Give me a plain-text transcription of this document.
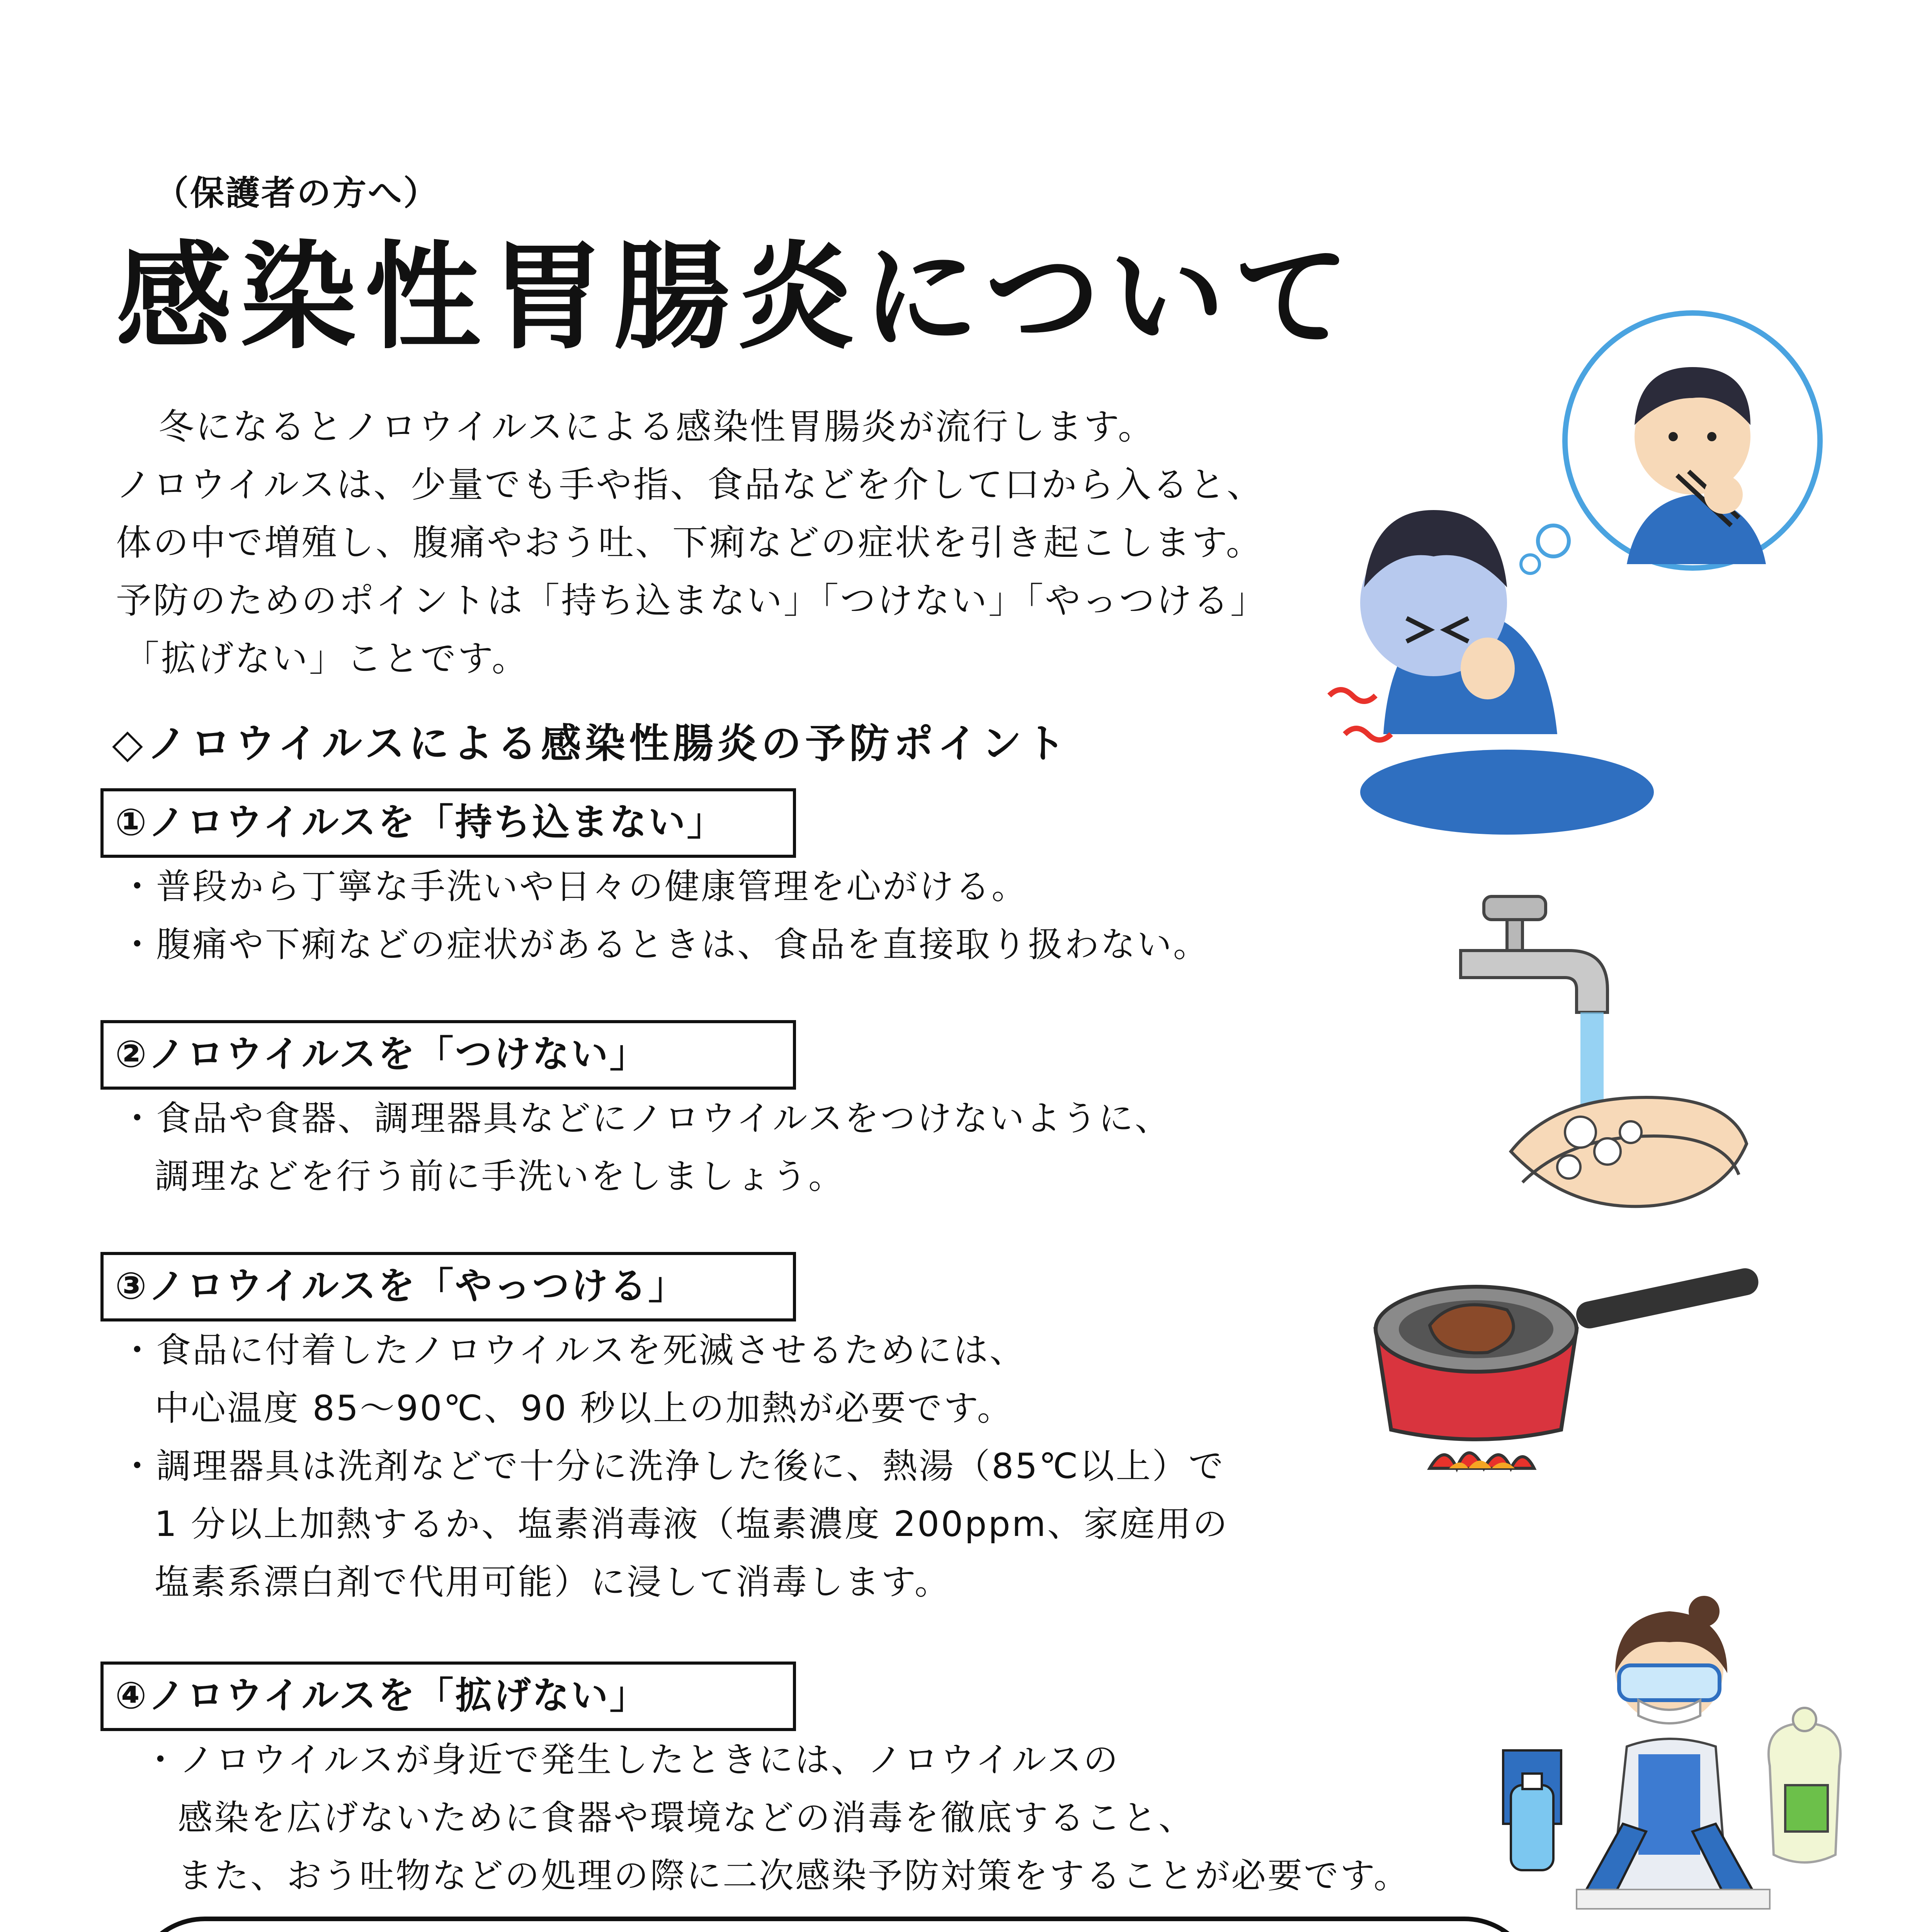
（保護者の方へ）
感染性胃腸炎について

冬になるとノロウイルスによる感染性胃腸炎が流行します。

ノロウイルスは、少量でも手や指、食品などを介して口から入ると、

体の中で増殖し、腹痛やおう吐、下痢などの症状を引き起こします。

予防のためのポイントは「持ち込まない」「つけない」「やっつける」

「拡げない」ことです。

◇ノロウイルスによる感染性腸炎の予防ポイント
①ノロウイルスを「持ち込まない」

・普段から丁寧な手洗いや日々の健康管理を心がける。

・腹痛や下痢などの症状があるときは、食品を直接取り扱わない。

②ノロウイルスを「つけない」

・食品や食器、調理器具などにノロウイルスをつけないように、

調理などを行う前に手洗いをしましょう。

③ノロウイルスを「やっつける」

・食品に付着したノロウイルスを死滅させるためには、

中心温度 85～90℃、90 秒以上の加熱が必要です。

・調理器具は洗剤などで十分に洗浄した後に、熱湯（85℃以上）で

1 分以上加熱するか、塩素消毒液（塩素濃度 200ppm、家庭用の

塩素系漂白剤で代用可能）に浸して消毒します。

④ノロウイルスを「拡げない」

・ノロウイルスが身近で発生したときには、ノロウイルスの

感染を広げないために食器や環境などの消毒を徹底すること、

また、おう吐物などの処理の際に二次感染予防対策をすることが必要です。
